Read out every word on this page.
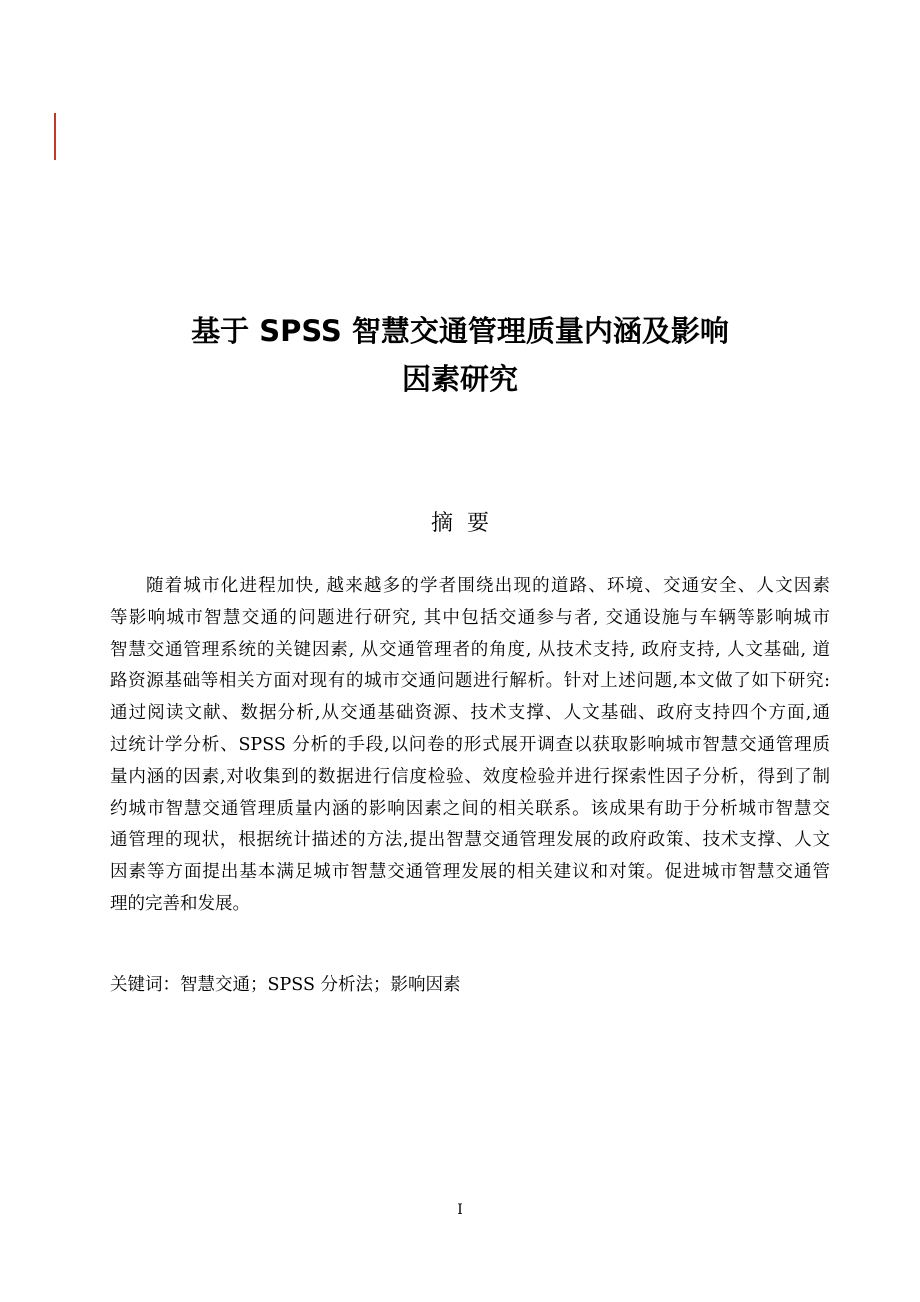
基于 SPSS 智慧交通管理质量内涵及影响
因素研究
摘要
随着城市化进程加快, 越来越多的学者围绕出现的道路、环境、交通安全、人文因素
等影响城市智慧交通的问题进行研究, 其中包括交通参与者, 交通设施与车辆等影响城市
智慧交通管理系统的关键因素, 从交通管理者的角度, 从技术支持, 政府支持, 人文基础, 道
路资源基础等相关方面对现有的城市交通问题进行解析。针对上述问题,本文做了如下研究:
通过阅读文献、数据分析,从交通基础资源、技术支撑、人文基础、政府支持四个方面,通
过统计学分析、SPSS 分析的手段,以问卷的形式展开调查以获取影响城市智慧交通管理质
量内涵的因素,对收集到的数据进行信度检验、效度检验并进行探索性因子分析，得到了制
约城市智慧交通管理质量内涵的影响因素之间的相关联系。该成果有助于分析城市智慧交
通管理的现状，根据统计描述的方法,提出智慧交通管理发展的政府政策、技术支撑、人文
因素等方面提出基本满足城市智慧交通管理发展的相关建议和对策。促进城市智慧交通管
理的完善和发展。
关键词：智慧交通；SPSS 分析法；影响因素
I
